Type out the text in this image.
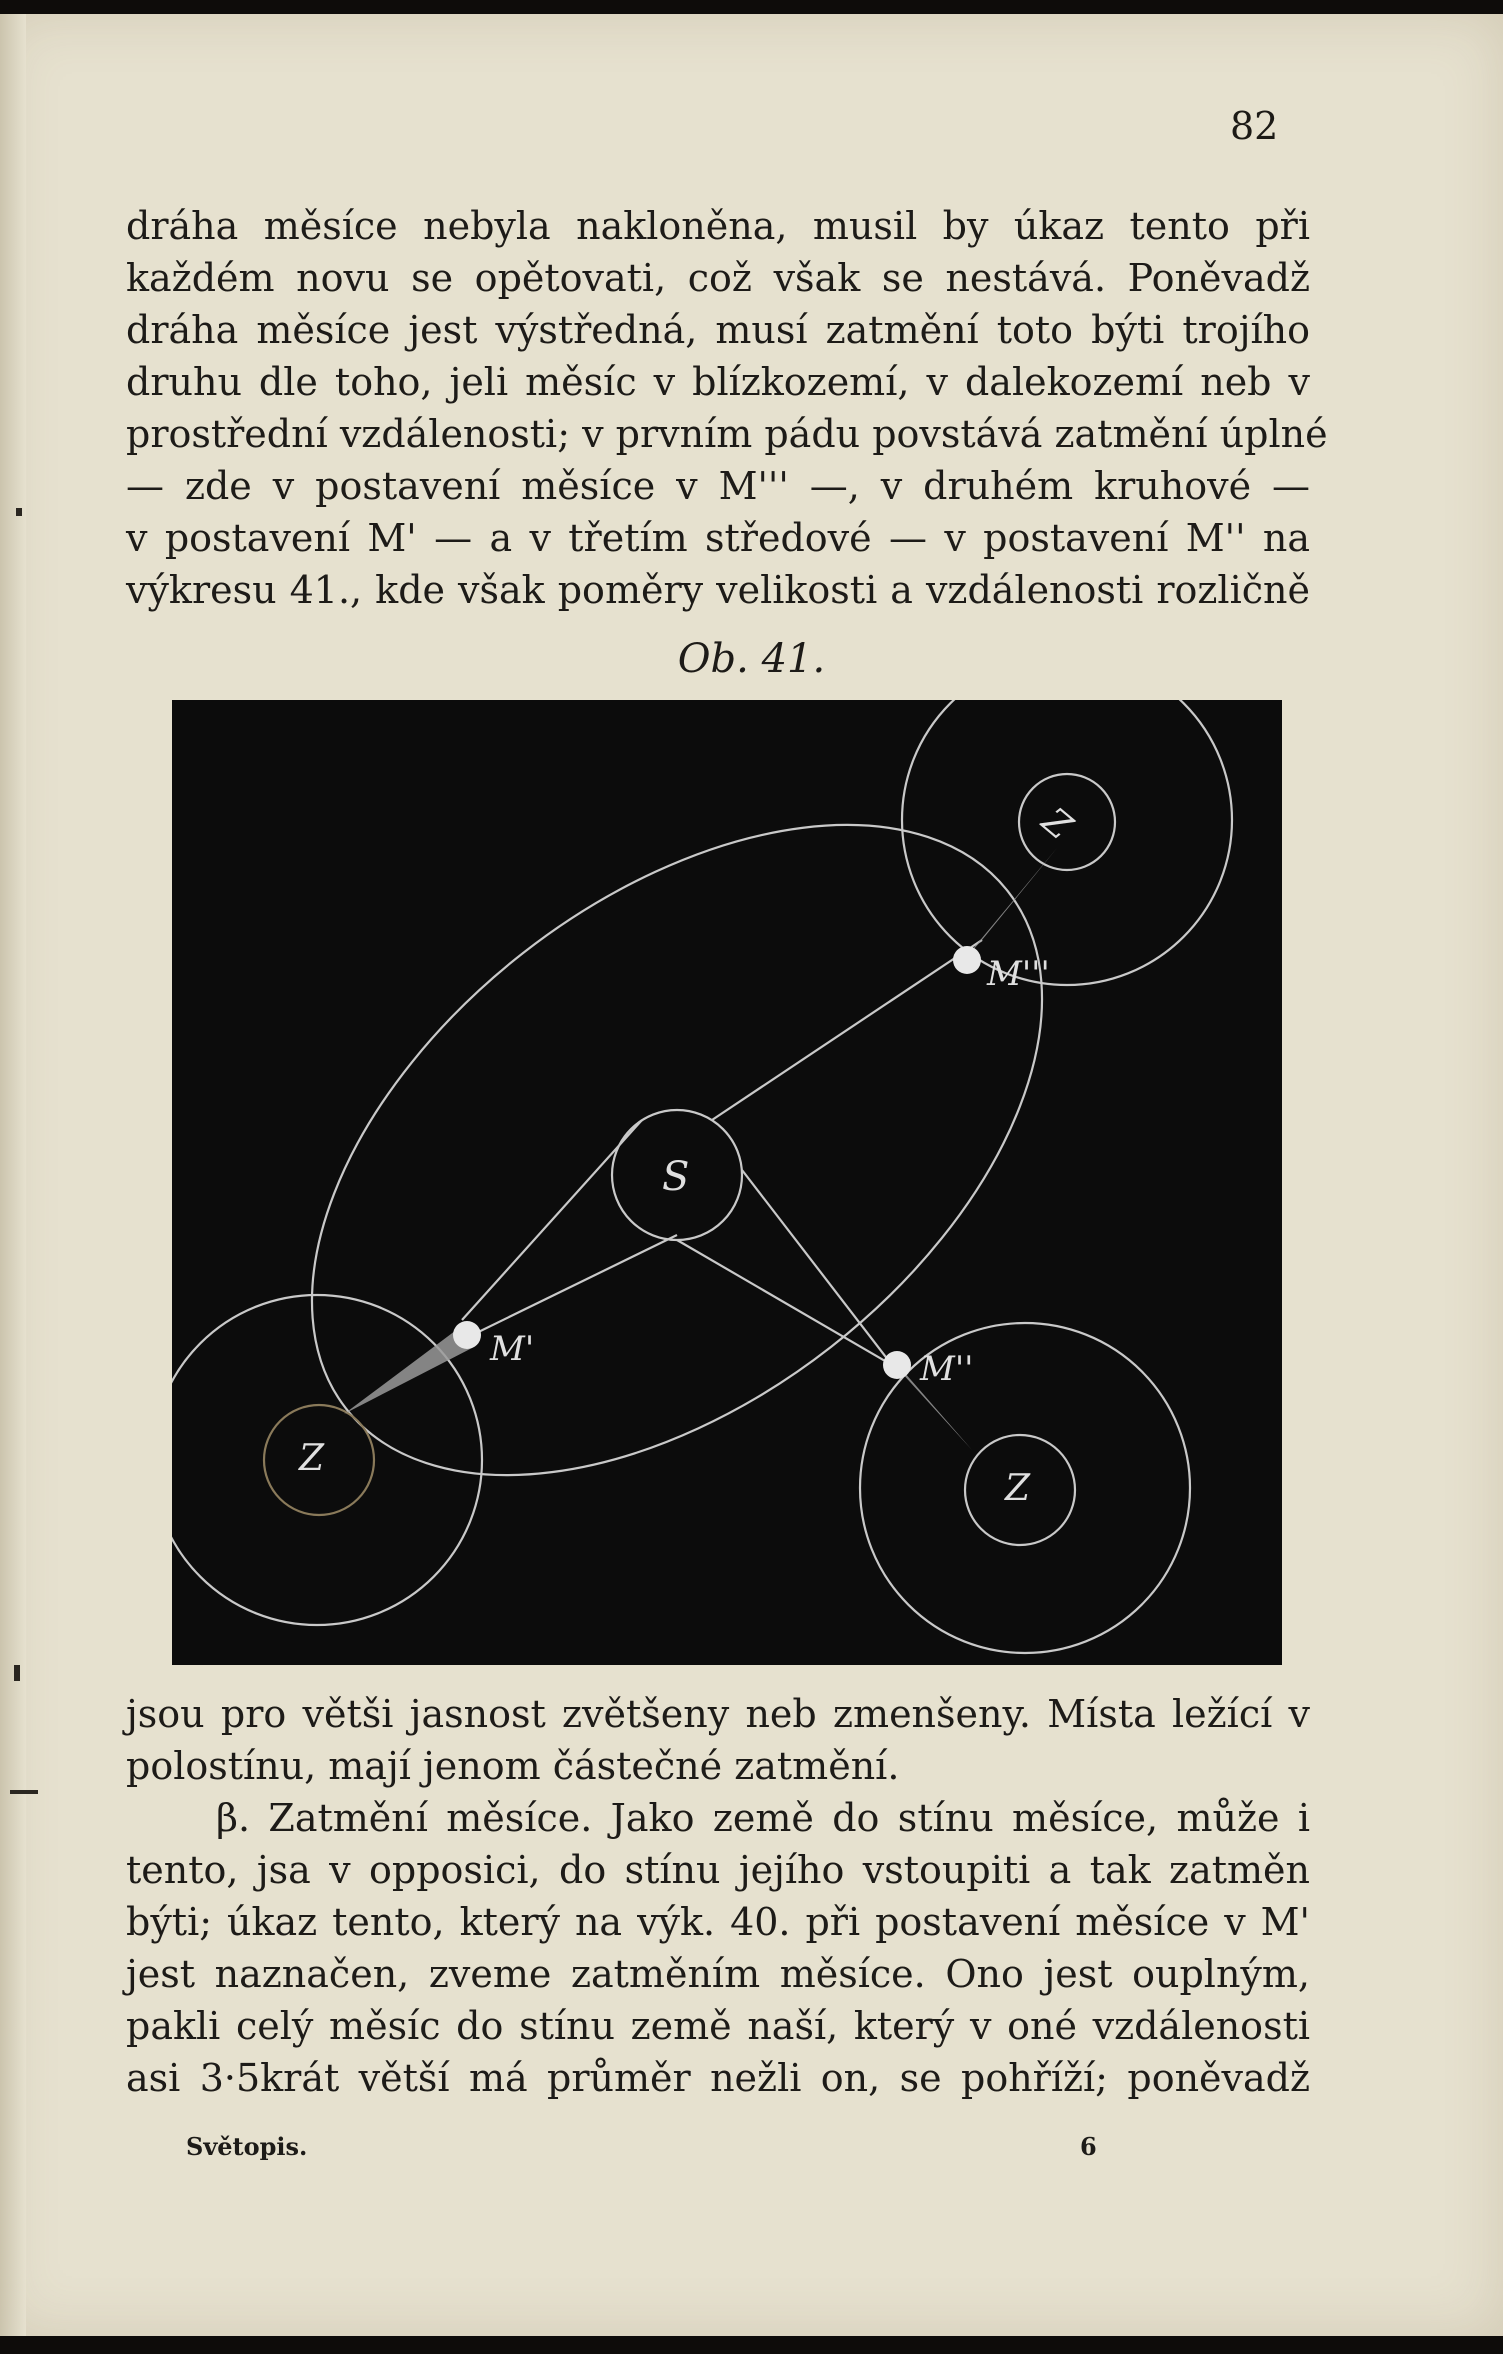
82
dráha měsíce nebyla nakloněna, musil by úkaz tento při
každém novu se opětovati, což však se nestává. Poněvadž
dráha měsíce jest výstředná, musí zatmění toto býti trojího
druhu dle toho, jeli měsíc v blízkozemí, v dalekozemí neb v
prostřední vzdálenosti; v prvním pádu povstává zatmění úplné
— zde v postavení měsíce v M''' —, v druhém kruhové —
v postavení M' — a v třetím středové — v postavení M'' na
výkresu 41., kde však poměry velikosti a vzdálenosti rozličně
Ob. 41.
S
Z
Z
Z
M'	M''
M'''
jsou pro větši jasnost zvětšeny neb zmenšeny. Místa ležící v
polostínu, mají jenom částečné zatmění.
β. Zatmění měsíce. Jako země do stínu měsíce, může i
tento, jsa v opposici, do stínu jejího vstoupiti a tak zatměn
býti; úkaz tento, který na výk. 40. při postavení měsíce v M'
jest naznačen, zveme zatměním měsíce. Ono jest ouplným,
pakli celý měsíc do stínu země naší, který v oné vzdálenosti
asi 3·5krát větší má průměr nežli on, se pohříží; poněvadž
Světopis.	6
